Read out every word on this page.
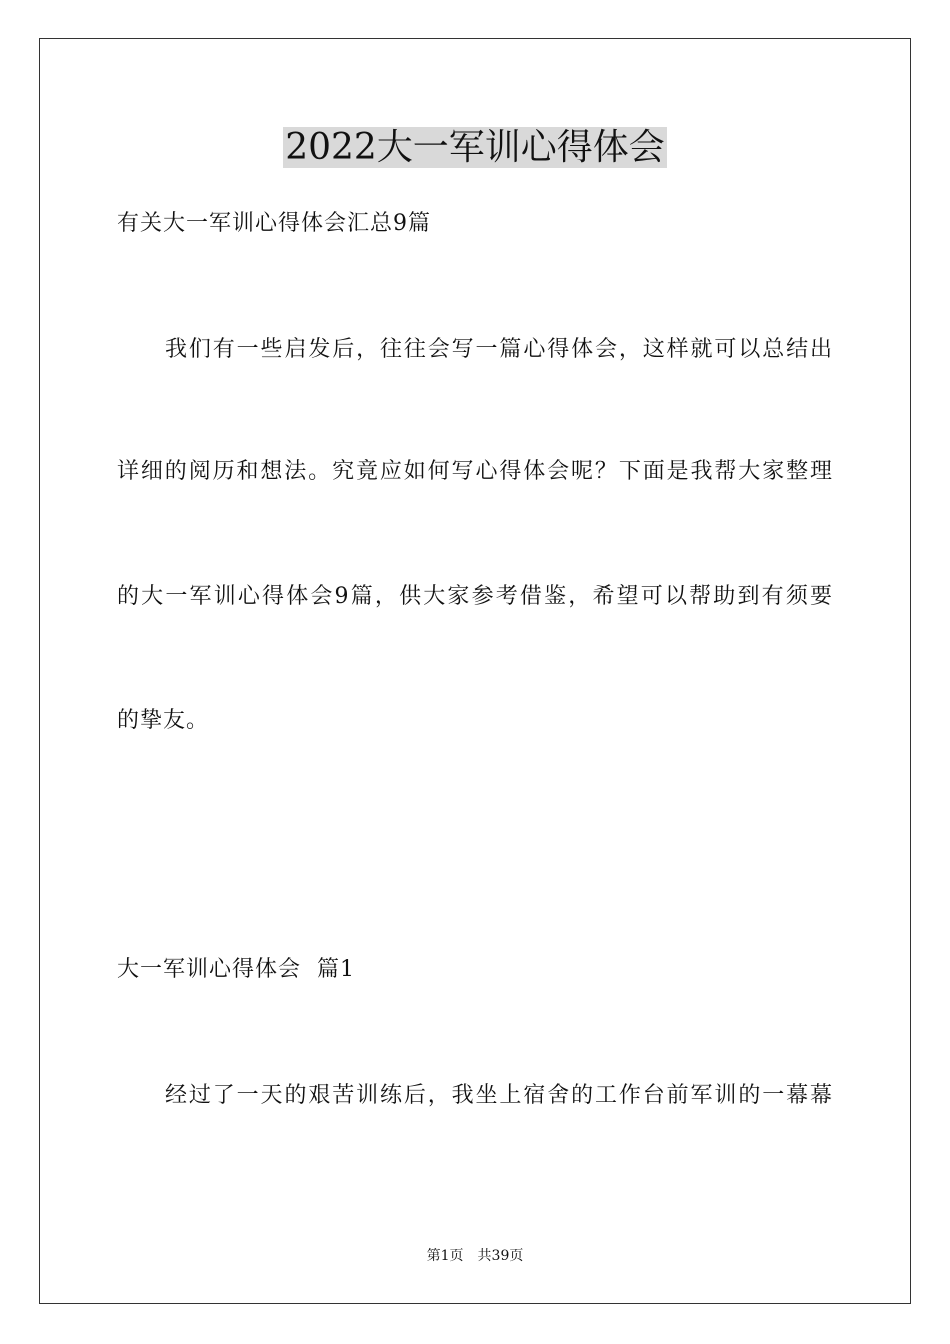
2022大一军训心得体会
有关大一军训心得体会汇总9篇
我们有一些启发后，往往会写一篇心得体会，这样就可以总结出
详细的阅历和想法。究竟应如何写心得体会呢？下面是我帮大家整理
的大一军训心得体会9篇，供大家参考借鉴，希望可以帮助到有须要
的挚友。
大一军训心得体会  篇1
经过了一天的艰苦训练后，我坐上宿舍的工作台前军训的一幕幕
第1页 共39页
